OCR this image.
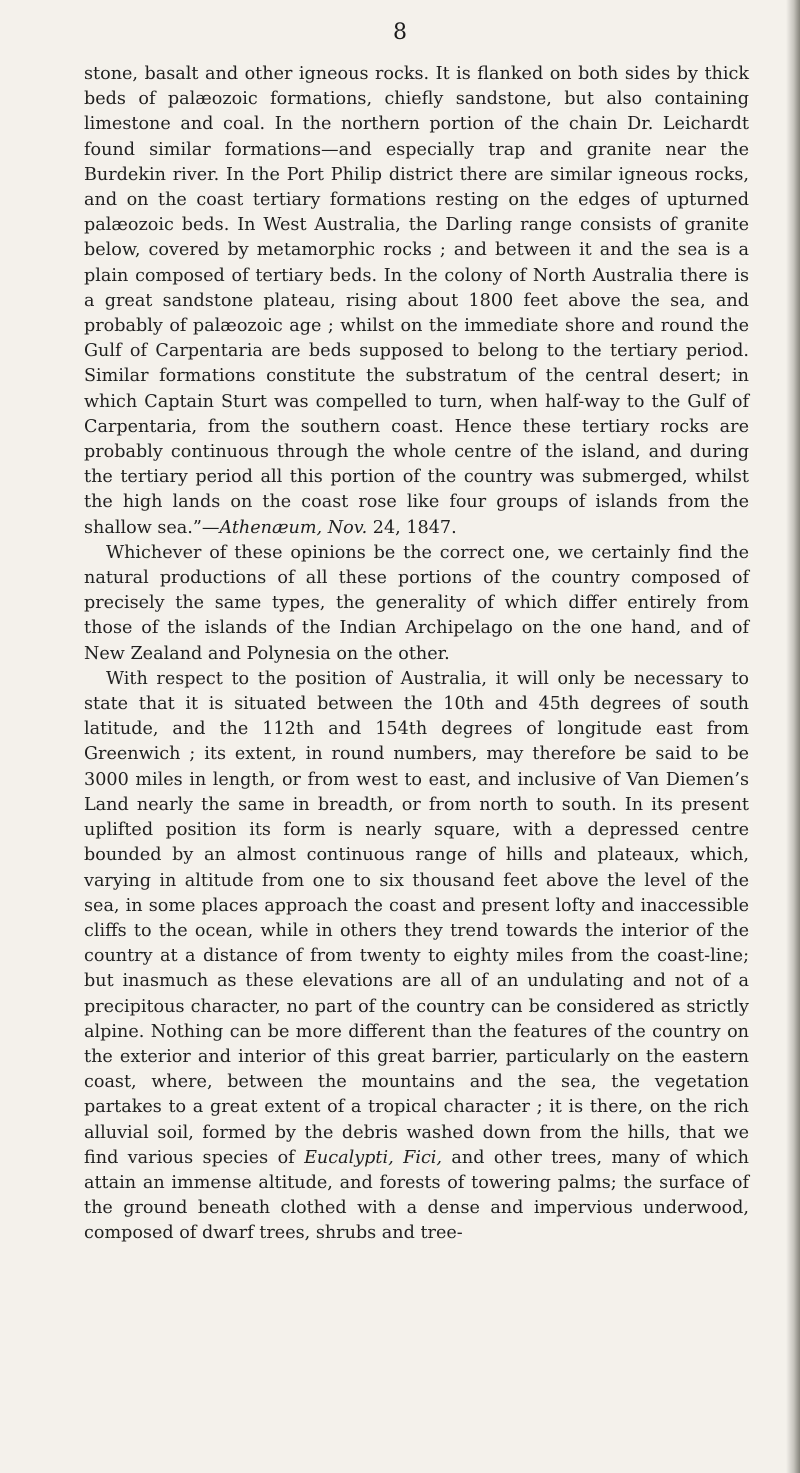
8

stone, basalt and other igneous rocks. It is flanked on both sides by thick beds of palæozoic formations, chiefly sandstone, but also containing limestone and coal. In the northern portion of the chain Dr. Leichardt found similar formations—and especially trap and granite near the Burdekin river. In the Port Philip district there are similar igneous rocks, and on the coast tertiary formations resting on the edges of upturned palæozoic beds. In West Australia, the Darling range consists of granite below, covered by metamorphic rocks ; and between it and the sea is a plain composed of tertiary beds. In the colony of North Australia there is a great sandstone plateau, rising about 1800 feet above the sea, and probably of palæozoic age ; whilst on the immediate shore and round the Gulf of Carpentaria are beds supposed to belong to the tertiary period. Similar formations constitute the substratum of the central desert; in which Captain Sturt was compelled to turn, when half-way to the Gulf of Carpentaria, from the southern coast. Hence these tertiary rocks are probably continuous through the whole centre of the island, and during the tertiary period all this portion of the country was submerged, whilst the high lands on the coast rose like four groups of islands from the shallow sea.”—Athenæum, Nov. 24, 1847.

Whichever of these opinions be the correct one, we certainly find the natural productions of all these portions of the country composed of precisely the same types, the generality of which differ entirely from those of the islands of the Indian Archipelago on the one hand, and of New Zealand and Polynesia on the other.

With respect to the position of Australia, it will only be necessary to state that it is situated between the 10th and 45th degrees of south latitude, and the 112th and 154th degrees of longitude east from Greenwich ; its extent, in round numbers, may therefore be said to be 3000 miles in length, or from west to east, and inclusive of Van Diemen’s Land nearly the same in breadth, or from north to south. In its present uplifted position its form is nearly square, with a depressed centre bounded by an almost continuous range of hills and plateaux, which, varying in altitude from one to six thousand feet above the level of the sea, in some places approach the coast and present lofty and inaccessible cliffs to the ocean, while in others they trend towards the interior of the country at a distance of from twenty to eighty miles from the coast-line; but inasmuch as these elevations are all of an undulating and not of a precipitous character, no part of the country can be considered as strictly alpine. Nothing can be more different than the features of the country on the exterior and interior of this great barrier, particularly on the eastern coast, where, between the mountains and the sea, the vegetation partakes to a great extent of a tropical character ; it is there, on the rich alluvial soil, formed by the debris washed down from the hills, that we find various species of Eucalypti, Fici, and other trees, many of which attain an immense altitude, and forests of towering palms; the surface of the ground beneath clothed with a dense and impervious underwood, composed of dwarf trees, shrubs and tree-
